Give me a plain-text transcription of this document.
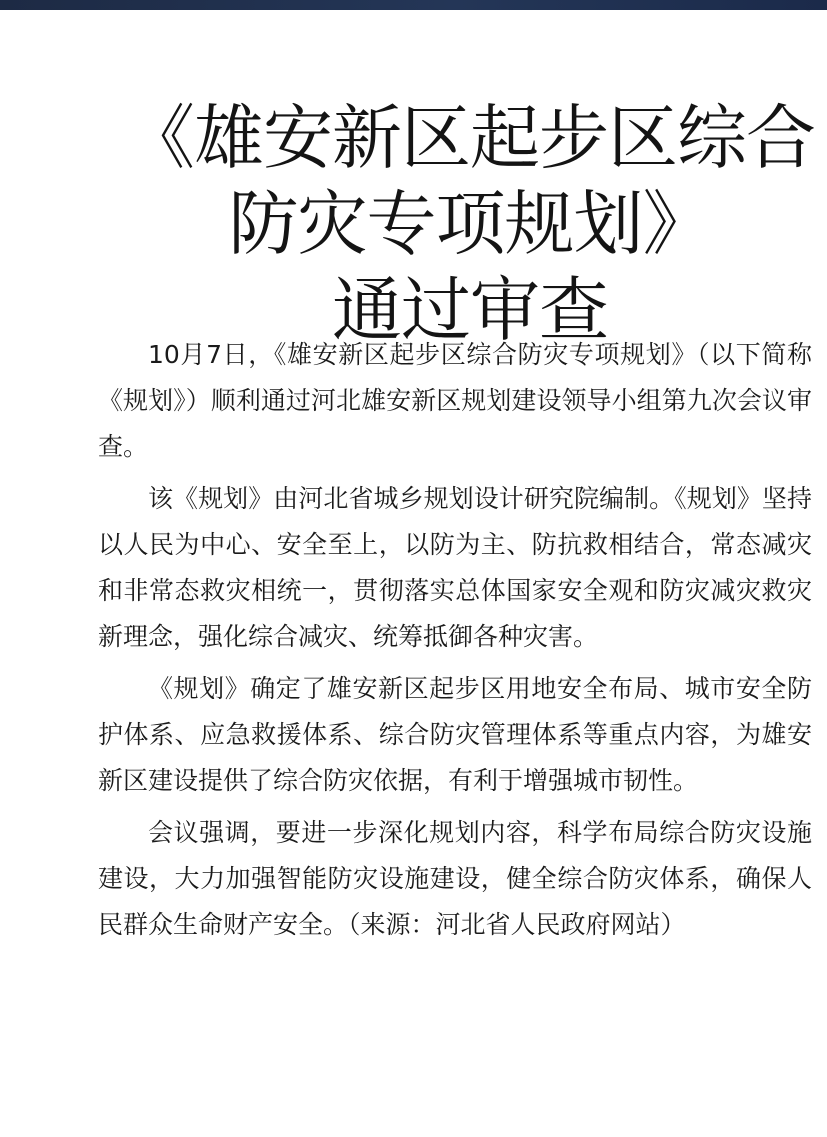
《雄安新区起步区综合
防灾专项规划》
通过审查

10月7日，《雄安新区起步区综合防灾专项规划》（以下简称《规划》）顺利通过河北雄安新区规划建设领导小组第九次会议审查。

该《规划》由河北省城乡规划设计研究院编制。《规划》坚持以人民为中心、安全至上，以防为主、防抗救相结合，常态减灾和非常态救灾相统一，贯彻落实总体国家安全观和防灾减灾救灾新理念，强化综合减灾、统筹抵御各种灾害。

《规划》确定了雄安新区起步区用地安全布局、城市安全防护体系、应急救援体系、综合防灾管理体系等重点内容，为雄安新区建设提供了综合防灾依据，有利于增强城市韧性。

会议强调，要进一步深化规划内容，科学布局综合防灾设施建设，大力加强智能防灾设施建设，健全综合防灾体系，确保人民群众生命财产安全。（来源：河北省人民政府网站）
